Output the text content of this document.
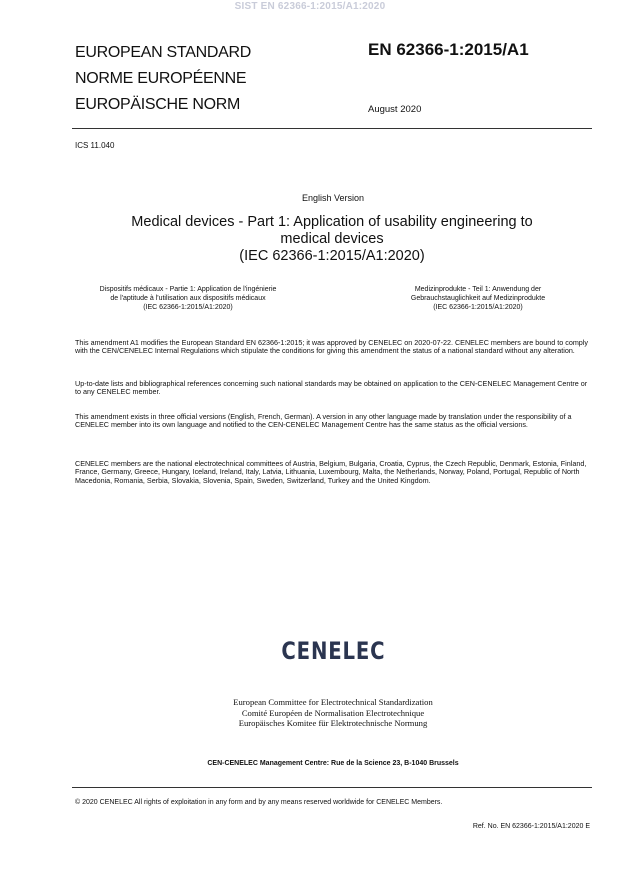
SIST EN 62366-1:2015/A1:2020
EUROPEAN STANDARD
NORME EUROPÉENNE
EUROPÄISCHE NORM
EN 62366-1:2015/A1
August 2020
ICS 11.040
English Version
Medical devices - Part 1: Application of usability engineering to
medical devices
(IEC 62366-1:2015/A1:2020)
Dispositifs médicaux - Partie 1: Application de l'ingénierie
de l'aptitude à l'utilisation aux dispositifs médicaux
(IEC 62366-1:2015/A1:2020)
Medizinprodukte - Teil 1: Anwendung der
Gebrauchstauglichkeit auf Medizinprodukte
(IEC 62366-1:2015/A1:2020)
This amendment A1 modifies the European Standard EN 62366-1:2015; it was approved by CENELEC on 2020-07-22. CENELEC members are bound to comply with the CEN/CENELEC Internal Regulations which stipulate the conditions for giving this amendment the status of a national standard without any alteration.
Up-to-date lists and bibliographical references concerning such national standards may be obtained on application to the CEN-CENELEC Management Centre or to any CENELEC member.
This amendment exists in three official versions (English, French, German). A version in any other language made by translation under the responsibility of a CENELEC member into its own language and notified to the CEN-CENELEC Management Centre has the same status as the official versions.
CENELEC members are the national electrotechnical committees of Austria, Belgium, Bulgaria, Croatia, Cyprus, the Czech Republic, Denmark, Estonia, Finland, France, Germany, Greece, Hungary, Iceland, Ireland, Italy, Latvia, Lithuania, Luxembourg, Malta, the Netherlands, Norway, Poland, Portugal, Republic of North Macedonia, Romania, Serbia, Slovakia, Slovenia, Spain, Sweden, Switzerland, Turkey and the United Kingdom.
CENELEC
European Committee for Electrotechnical Standardization
Comité Européen de Normalisation Electrotechnique
Europäisches Komitee für Elektrotechnische Normung
CEN-CENELEC Management Centre: Rue de la Science 23, B-1040 Brussels
© 2020 CENELEC All rights of exploitation in any form and by any means reserved worldwide for CENELEC Members.
Ref. No. EN 62366-1:2015/A1:2020 E
